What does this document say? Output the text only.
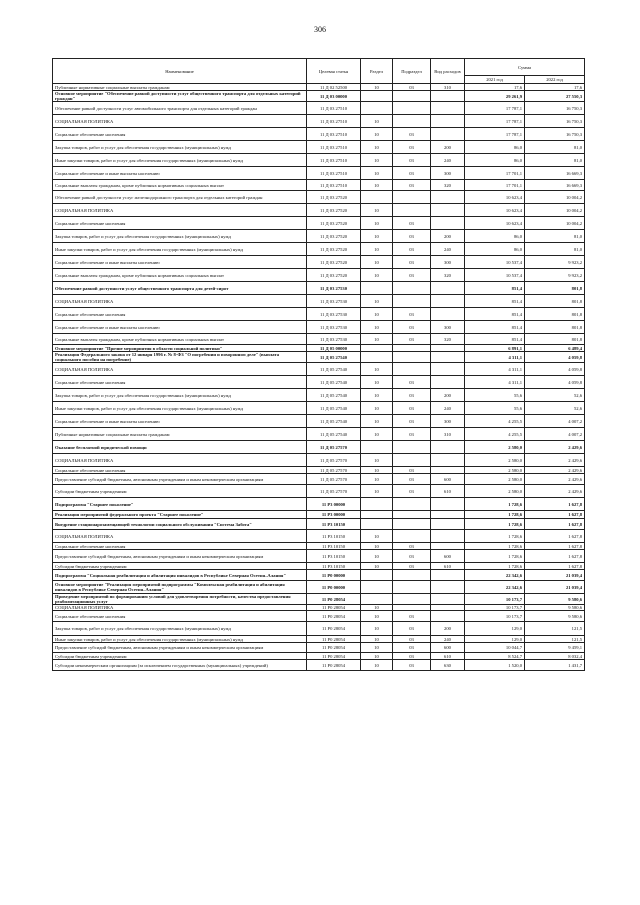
306
Наименование	Целевая статья	Раздел	Подраздел	Вид расходов	Сумма	
					2021 год	2022 год
Публичные нормативные социальные выплаты гражданам	11 Д 02 52500	10	03	310	17,6	17,6
Основное мероприятие "Обеспечение равной доступности услуг общественного транспорта для отдельных категорий граждан"	11 Д 03 00000				29 261,9	27 550,3
Обеспечение равной доступности услуг автомобильного транспорта для отдельных категорий граждан	11 Д 03 27510				17 787,1	16 750,3
СОЦИАЛЬНАЯ ПОЛИТИКА	11 Д 03 27510	10			17 787,1	16 750,3
Социальное обеспечение населения	11 Д 03 27510	10	03		17 787,1	16 750,3
Закупка товаров, работ и услуг для обеспечения государственных (муниципальных) нужд	11 Д 03 27510	10	03	200	86,0	81,0
Иные закупки товаров, работ и услуг для обеспечения государственных (муниципальных) нужд	11 Д 03 27510	10	03	240	86,0	81,0
Социальное обеспечение и иные выплаты населению	11 Д 03 27510	10	03	300	17 701,1	16 669,3
Социальные выплаты гражданам, кроме публичных нормативных социальных выплат	11 Д 03 27510	10	03	320	17 701,1	16 669,3
Обеспечение равной доступности услуг железнодорожного транспорта для отдельных категорий граждан	11 Д 03 27520				10 623,4	10 004,2
СОЦИАЛЬНАЯ ПОЛИТИКА	11 Д 03 27520	10			10 623,4	10 004,2
Социальное обеспечение населения	11 Д 03 27520	10	03		10 623,4	10 004,2
Закупка товаров, работ и услуг для обеспечения государственных (муниципальных) нужд	11 Д 03 27520	10	03	200	86,0	81,0
Иные закупки товаров, работ и услуг для обеспечения государственных (муниципальных) нужд	11 Д 03 27520	10	03	240	86,0	81,0
Социальное обеспечение и иные выплаты населению	11 Д 03 27520	10	03	300	10 537,4	9 923,2
Социальные выплаты гражданам, кроме публичных нормативных социальных выплат	11 Д 03 27520	10	03	320	10 537,4	9 923,2
Обеспечение равной доступности услуг общественного транспорта для детей-сирот	11 Д 03 27530				851,4	801,8
СОЦИАЛЬНАЯ ПОЛИТИКА	11 Д 03 27530	10			851,4	801,8
Социальное обеспечение населения	11 Д 03 27530	10	03		851,4	801,8
Социальное обеспечение и иные выплаты населению	11 Д 03 27530	10	03	300	851,4	801,8
Социальные выплаты гражданам, кроме публичных нормативных социальных выплат	11 Д 03 27530	10	03	320	851,4	801,8
Основное мероприятие "Прочие мероприятия в области социальной политики"	11 Д 05 00000				6 891,1	6 489,4
Реализация Федерального закона от 12 января 1996 г. № 8-ФЗ "О погребении и похоронном деле" (выплата социального пособия на погребение)	11 Д 05 27540				4 311,1	4 059,8
СОЦИАЛЬНАЯ ПОЛИТИКА	11 Д 05 27540	10			4 311,1	4 059,8
Социальное обеспечение населения	11 Д 05 27540	10	03		4 311,1	4 059,8
Закупка товаров, работ и услуг для обеспечения государственных (муниципальных) нужд	11 Д 05 27540	10	03	200	55,6	52,6
Иные закупки товаров, работ и услуг для обеспечения государственных (муниципальных) нужд	11 Д 05 27540	10	03	240	55,6	52,6
Социальное обеспечение и иные выплаты населению	11 Д 05 27540	10	03	300	4 255,5	4 007,2
Публичные нормативные социальные выплаты гражданам	11 Д 05 27540	10	03	310	4 255,5	4 007,2
Оказание бесплатной юридической помощи	11 Д 05 27570				2 580,0	2 429,6
СОЦИАЛЬНАЯ ПОЛИТИКА	11 Д 05 27570	10			2 580,0	2 429,6
Социальное обеспечение населения	11 Д 05 27570	10	03		2 580,0	2 429,6
Предоставление субсидий бюджетным, автономным учреждениям и иным некоммерческим организациям	11 Д 05 27570	10	03	600	2 580,0	2 429,6
Субсидии бюджетным учреждениям	11 Д 05 27570	10	03	610	2 580,0	2 429,6
Подпрограмма "Старшее поколение"	11 Р3 00000				1 728,6	1 627,8
Реализация мероприятий федерального проекта "Старшее поколение"	11 Р3 00000				1 728,6	1 627,8
Внедрение стационарозамещающей технологии социального обслуживания "Система Забота"	11 Р3 10150				1 728,6	1 627,8
СОЦИАЛЬНАЯ ПОЛИТИКА	11 Р3 10150	10			1 728,6	1 627,8
Социальное обеспечение населения	11 Р3 10150	10	03		1 728,6	1 627,8
Предоставление субсидий бюджетным, автономным учреждениям и иным некоммерческим организациям	11 Р3 10150	10	03	600	1 728,6	1 627,8
Субсидии бюджетным учреждениям	11 Р3 10150	10	03	610	1 728,6	1 627,8
Подпрограмма "Социальная реабилитация и абилитация инвалидов в Республике Северная Осетия–Алания"	11 Р0 00000				22 342,6	21 039,4
Основное мероприятие "Реализация мероприятий подпрограммы "Комплексная реабилитация и абилитация инвалидов в Республике Северная Осетия–Алания"	11 Р0 00000				22 342,6	21 039,4
Проведение мероприятий по формированию условий для удовлетворения потребности, качества предоставления реабилитационных услуг	11 Р0 28054				10 173,7	9 580,6
СОЦИАЛЬНАЯ ПОЛИТИКА	11 Р0 28054	10			10 173,7	9 580,6
Социальное обеспечение населения	11 Р0 28054	10	03		10 173,7	9 580,6
Закупка товаров, работ и услуг для обеспечения государственных (муниципальных) нужд	11 Р0 28054	10	03	200	129,0	121,5
Иные закупки товаров, работ и услуг для обеспечения государственных (муниципальных) нужд	11 Р0 28054	10	03	240	129,0	121,5
Предоставление субсидий бюджетным, автономным учреждениям и иным некоммерческим организациям	11 Р0 28054	10	03	600	10 044,7	9 459,1
Субсидии бюджетным учреждениям	11 Р0 28054	10	03	610	8 524,7	8 032,4
Субсидии некоммерческим организациям (за исключением государственных (муниципальных) учреждений)	11 Р0 28054	10	03	630	1 520,0	1 431,7
